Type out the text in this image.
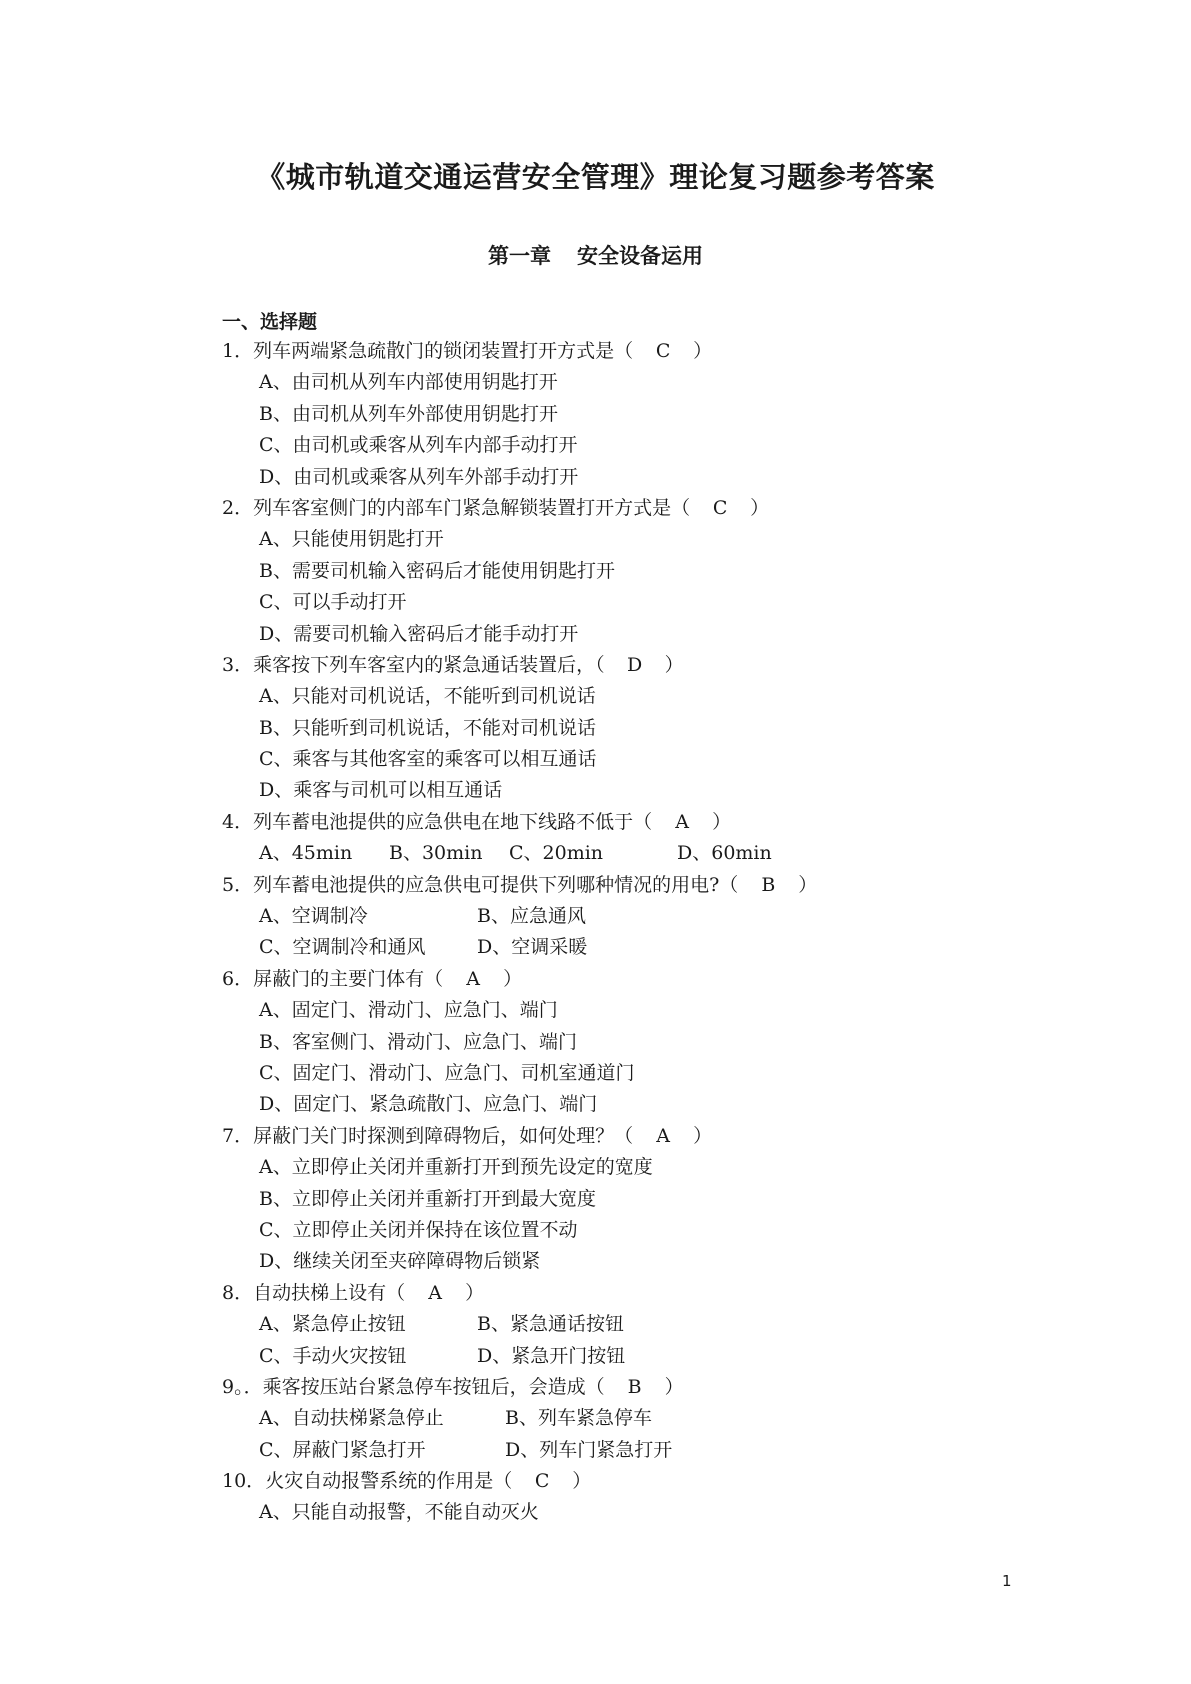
《城市轨道交通运营安全管理》理论复习题参考答案
第一章 安全设备运用
一、选择题
1．列车两端紧急疏散门的锁闭装置打开方式是（ C ）
A、由司机从列车内部使用钥匙打开
B、由司机从列车外部使用钥匙打开
C、由司机或乘客从列车内部手动打开
D、由司机或乘客从列车外部手动打开
2．列车客室侧门的内部车门紧急解锁装置打开方式是（ C ）
A、只能使用钥匙打开
B、需要司机输入密码后才能使用钥匙打开
C、可以手动打开
D、需要司机输入密码后才能手动打开
3．乘客按下列车客室内的紧急通话装置后，（ D ）
A、只能对司机说话，不能听到司机说话
B、只能听到司机说话，不能对司机说话
C、乘客与其他客室的乘客可以相互通话
D、乘客与司机可以相互通话
4．列车蓄电池提供的应急供电在地下线路不低于（ A ）
A、45min B、30min C、20min	D、60min
5．列车蓄电池提供的应急供电可提供下列哪种情况的用电?（ B ）
A、空调制冷	B、应急通风
C、空调制冷和通风	D、空调采暖
6．屏蔽门的主要门体有（ A ）
A、固定门、滑动门、应急门、端门
B、客室侧门、滑动门、应急门、端门
C、固定门、滑动门、应急门、司机室通道门
D、固定门、紧急疏散门、应急门、端门
7．屏蔽门关门时探测到障碍物后，如何处理？（ A ）
A、立即停止关闭并重新打开到预先设定的宽度
B、立即停止关闭并重新打开到最大宽度
C、立即停止关闭并保持在该位置不动
D、继续关闭至夹碎障碍物后锁紧
8．自动扶梯上设有（ A ）
A、紧急停止按钮	B、紧急通话按钮
C、手动火灾按钮	D、紧急开门按钮
9。．乘客按压站台紧急停车按钮后，会造成（ B ）
A、自动扶梯紧急停止	B、列车紧急停车
C、屏蔽门紧急打开	D、列车门紧急打开
10．火灾自动报警系统的作用是（ C ）
A、只能自动报警，不能自动灭火
1
